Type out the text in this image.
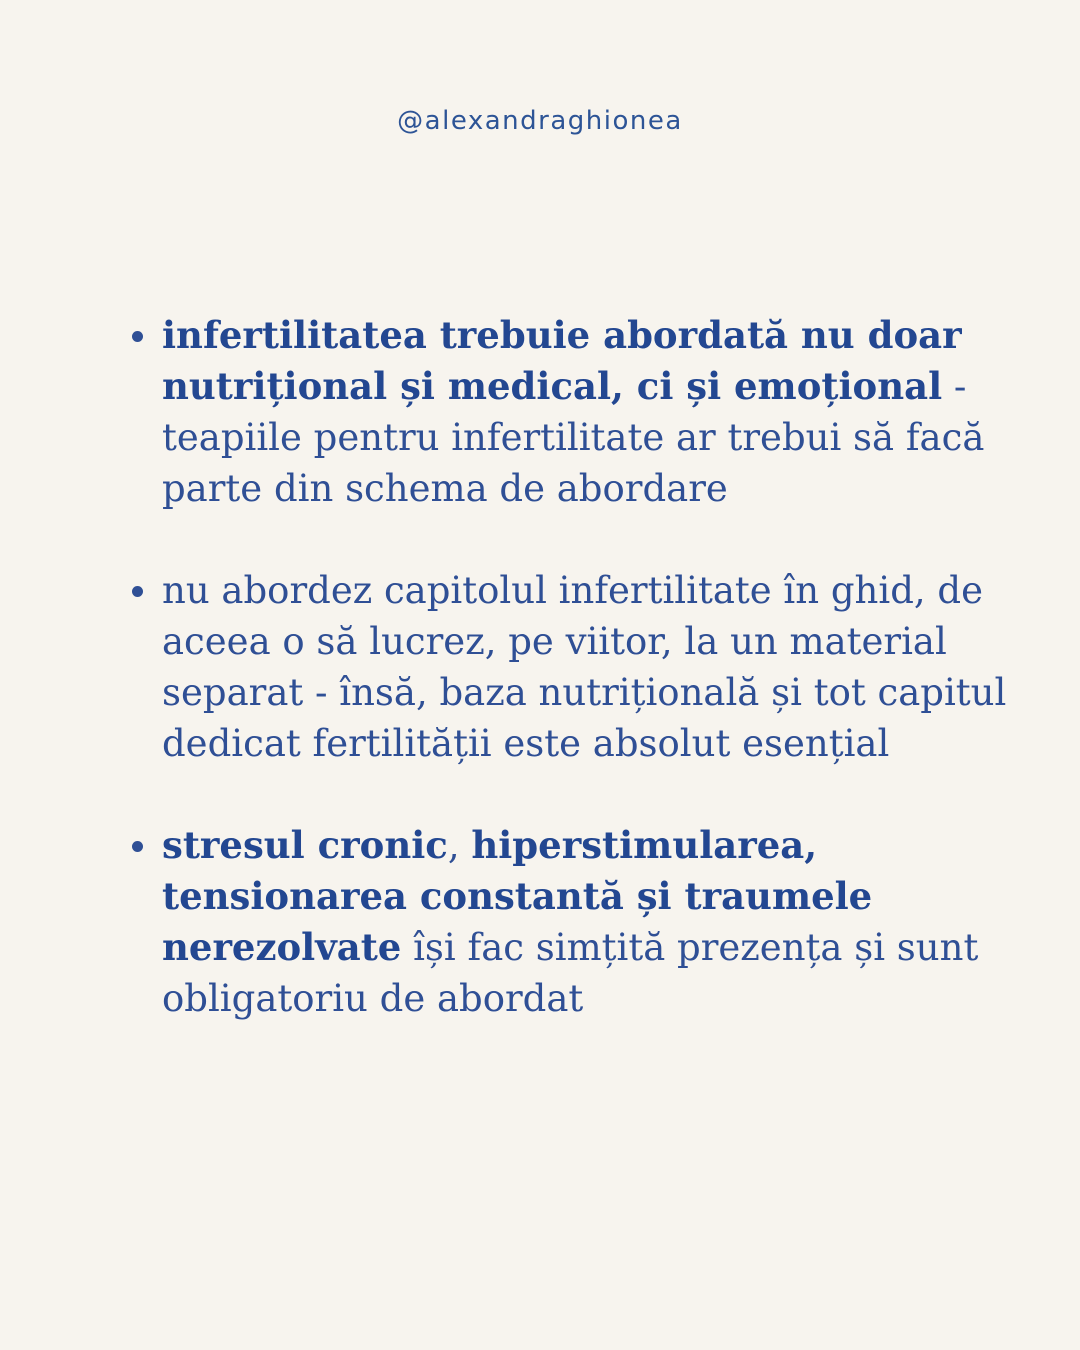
@alexandraghionea
infertilitatea trebuie abordată nu doar nutrițional și medical, ci și emoțional - teapiile pentru infertilitate ar trebui să facă parte din schema de abordare
nu abordez capitolul infertilitate în ghid, de aceea o să lucrez, pe viitor, la un material separat - însă, baza nutrițională și tot capitul dedicat fertilității este absolut esențial
stresul cronic, hiperstimularea, tensionarea constantă și traumele nerezolvate își fac simțită prezența și sunt obligatoriu de abordat
